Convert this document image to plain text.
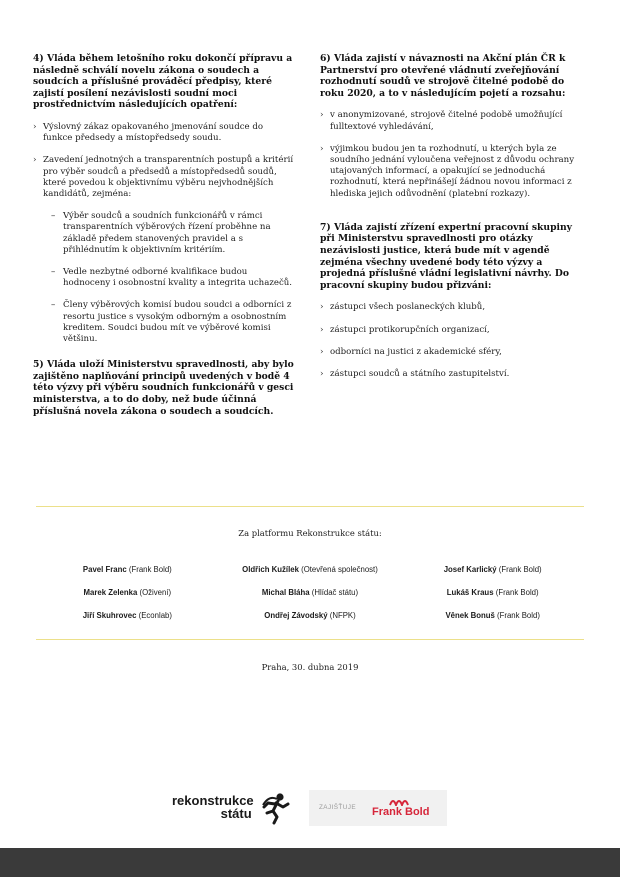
4) Vláda během letošního roku dokončí přípravu a následně schválí novelu zákona o soudech a soudcích a příslušné prováděcí předpisy, které zajistí posílení nezávislosti soudní moci prostřednictvím následujících opatření:

› Výslovný zákaz opakovaného jmenování soudce do funkce předsedy a místopředsedy soudu.
› Zavedení jednotných a transparentních postupů a kritérií pro výběr soudců a předsedů a místopředsedů soudů, které povedou k objektivnímu výběru nejvhodnějších kandidátů, zejména:
– Výběr soudců a soudních funkcionářů v rámci transparentních výběrových řízení proběhne na základě předem stanovených pravidel a s přihlédnutím k objektivním kritériím.
– Vedle nezbytné odborné kvalifikace budou hodnoceny i osobnostní kvality a integrita uchazečů.
– Členy výběrových komisí budou soudci a odborníci z resortu justice s vysokým odborným a osobnostním kreditem. Soudci budou mít ve výběrové komisi většinu.

5) Vláda uloží Ministerstvu spravedlnosti, aby bylo zajištěno naplňování principů uvedených v bodě 4 této výzvy při výběru soudních funkcionářů v gesci ministerstva, a to do doby, než bude účinná příslušná novela zákona o soudech a soudcích.

6) Vláda zajistí v návaznosti na Akční plán ČR k Partnerství pro otevřené vládnutí zveřejňování rozhodnutí soudů ve strojově čitelné podobě do roku 2020, a to v následujícím pojetí a rozsahu:

› v anonymizované, strojově čitelné podobě umožňující fulltextové vyhledávání,
› výjimkou budou jen ta rozhodnutí, u kterých byla ze soudního jednání vyloučena veřejnost z důvodu ochrany utajovaných informací, a opakující se jednoduchá rozhodnutí, která nepřinášejí žádnou novou informaci z hlediska jejich odůvodnění (platební rozkazy).

7) Vláda zajistí zřízení expertní pracovní skupiny při Ministerstvu spravedlnosti pro otázky nezávislosti justice, která bude mít v agendě zejména všechny uvedené body této výzvy a projedná příslušné vládní legislativní návrhy. Do pracovní skupiny budou přizváni:

› zástupci všech poslaneckých klubů,
› zástupci protikorupčních organizací,
› odborníci na justici z akademické sféry,
› zástupci soudců a státního zastupitelství.

Za platformu Rekonstrukce státu:

Pavel Franc (Frank Bold)	Oldřich Kužílek (Otevřená společnost)	Josef Karlický (Frank Bold)
Marek Zelenka (Oživení)	Michal Bláha (Hlídač státu)	Lukáš Kraus (Frank Bold)
Jiří Skuhrovec (Econlab)	Ondřej Závodský (NFPK)	Vênek Bonuš (Frank Bold)

Praha, 30. dubna 2019

rekonstrukce
státu	ZAJIŠŤUJE Frank Bold
